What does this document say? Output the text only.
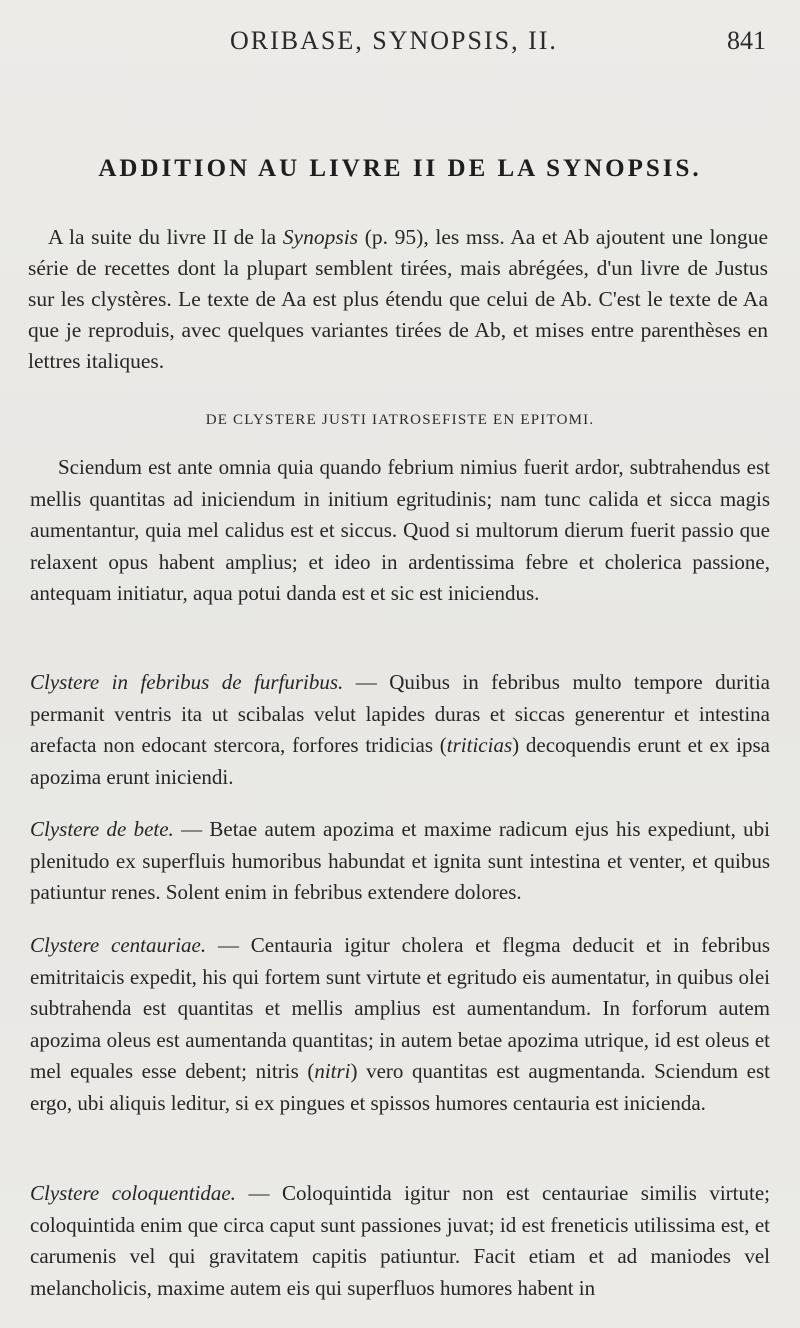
ORIBASE, SYNOPSIS, II.	841
ADDITION AU LIVRE II DE LA SYNOPSIS.
A la suite du livre II de la Synopsis (p. 95), les mss. Aa et Ab ajoutent une longue série de recettes dont la plupart semblent tirées, mais abrégées, d'un livre de Justus sur les clystères. Le texte de Aa est plus étendu que celui de Ab. C'est le texte de Aa que je reproduis, avec quelques variantes tirées de Ab, et mises entre parenthèses en lettres italiques.
DE CLYSTERE JUSTI IATROSEFISTE EN EPITOMI.
Sciendum est ante omnia quia quando febrium nimius fuerit ardor, subtrahendus est mellis quantitas ad iniciendum in initium egritudinis; nam tunc calida et sicca magis aumentantur, quia mel calidus est et siccus. Quod si multorum dierum fuerit passio que relaxent opus habent amplius; et ideo in ardentissima febre et cholerica passione, antequam initiatur, aqua potui danda est et sic est iniciendus.
Clystere in febribus de furfuribus. — Quibus in febribus multo tempore duritia permanit ventris ita ut scibalas velut lapides duras et siccas generentur et intestina arefacta non edocant stercora, forfores tridicias (triticias) decoquendis erunt et ex ipsa apozima erunt iniciendi.
Clystere de bete. — Betae autem apozima et maxime radicum ejus his expediunt, ubi plenitudo ex superfluis humoribus habundat et ignita sunt intestina et venter, et quibus patiuntur renes. Solent enim in febribus extendere dolores.
Clystere centauriae. — Centauria igitur cholera et flegma deducit et in febribus emitritaicis expedit, his qui fortem sunt virtute et egritudo eis aumentatur, in quibus olei subtrahenda est quantitas et mellis amplius est aumentandum. In forforum autem apozima oleus est aumentanda quantitas; in autem betae apozima utrique, id est oleus et mel equales esse debent; nitris (nitri) vero quantitas est augmentanda. Sciendum est ergo, ubi aliquis leditur, si ex pingues et spissos humores centauria est inicienda.
Clystere coloquentidae. — Coloquintida igitur non est centauriae similis virtute; coloquintida enim que circa caput sunt passiones juvat; id est freneticis utilissima est, et carumenis vel qui gravitatem capitis patiuntur. Facit etiam et ad maniodes vel melancholicis, maxime autem eis qui superfluos humores habent in
